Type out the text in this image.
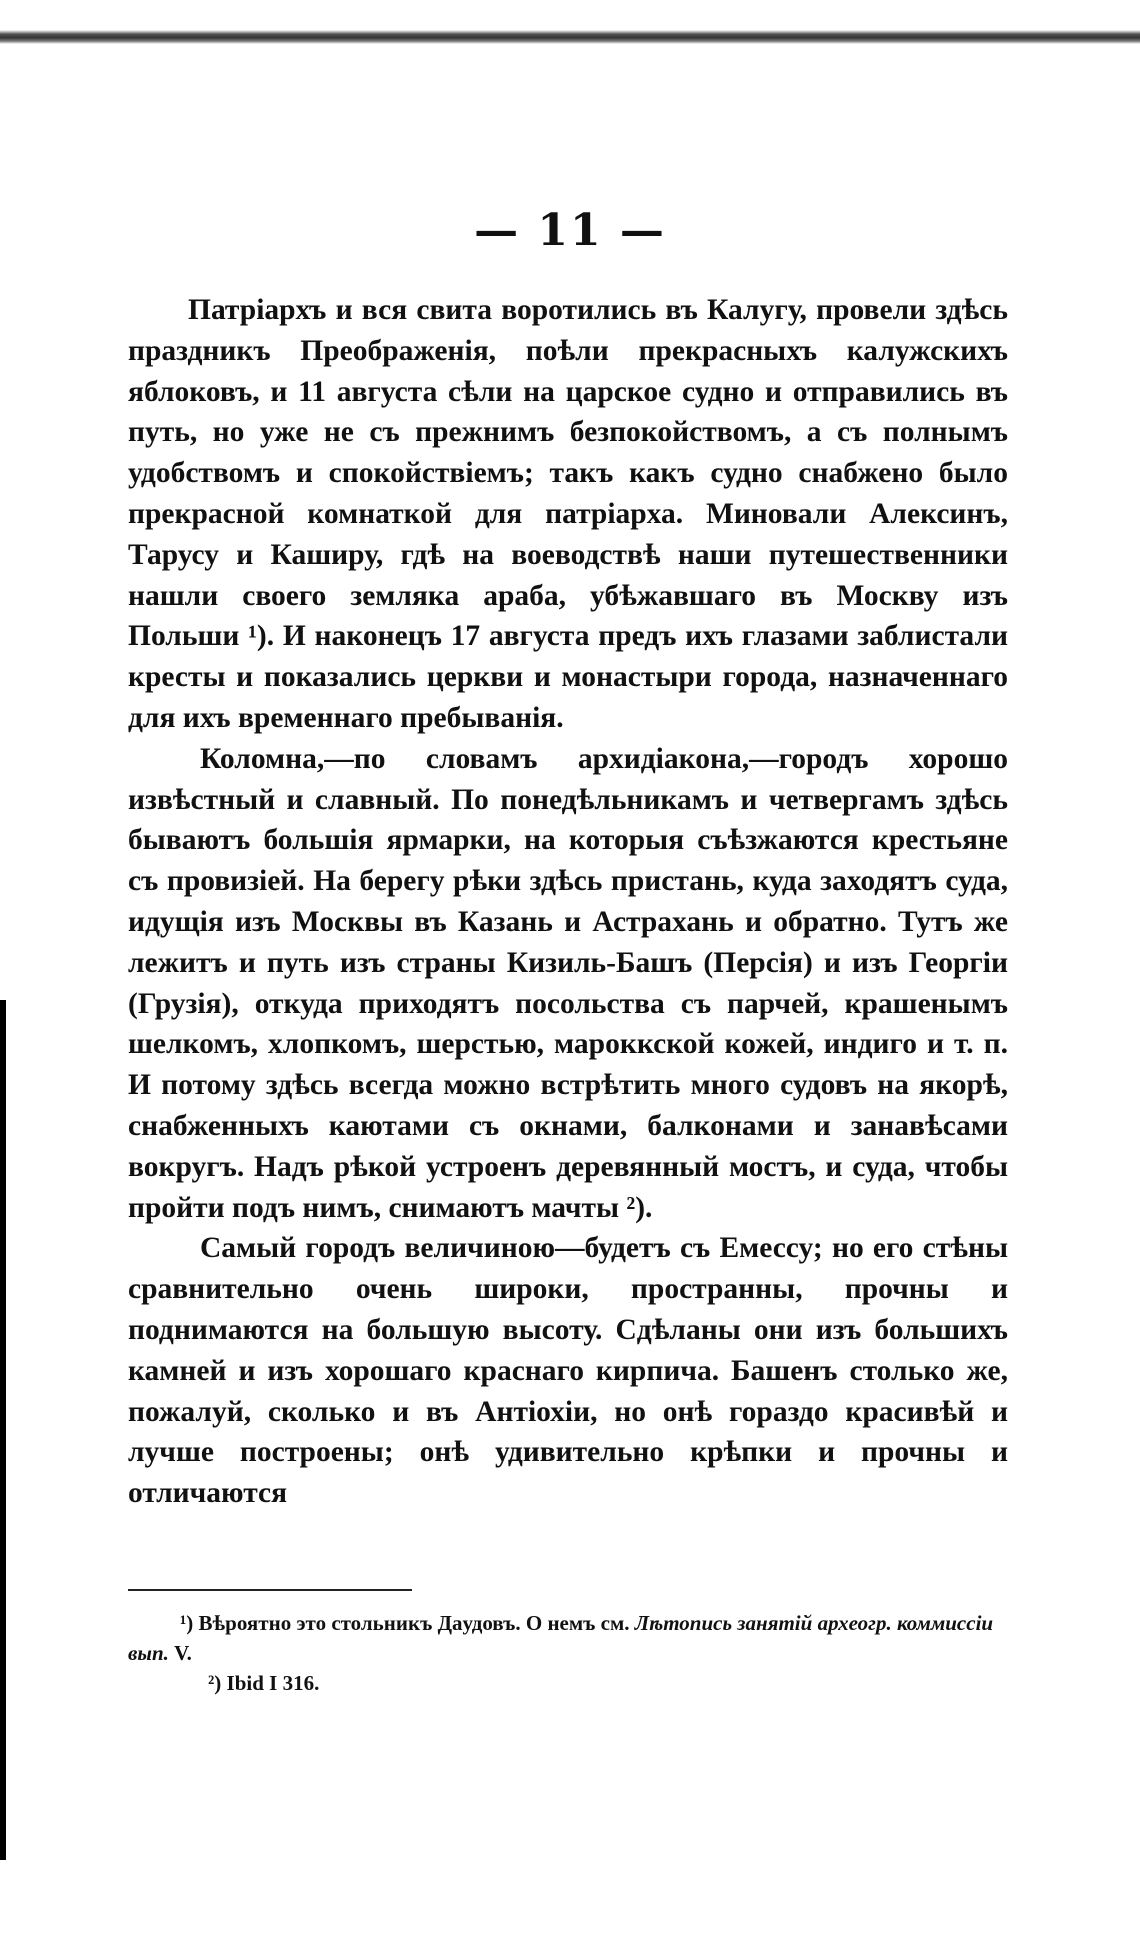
— 11 —

Патріархъ и вся свита воротились въ Калугу, провели здѣсь праздникъ Преображенія, поѣли прекрасныхъ калужскихъ яблоковъ, и 11 августа сѣли на царское судно и отправились въ путь, но уже не съ прежнимъ безпокойствомъ, а съ полнымъ удобствомъ и спокойствіемъ; такъ какъ судно снабжено было прекрасной комнаткой для патріарха. Миновали Алексинъ, Тарусу и Каширу, гдѣ на воеводствѣ наши путешественники нашли своего земляка араба, убѣжавшаго въ Москву изъ Польши ¹). И наконецъ 17 августа предъ ихъ глазами заблистали кресты и показались церкви и монастыри города, назначеннаго для ихъ временнаго пребыванія.

Коломна,—по словамъ архидіакона,—городъ хорошо извѣстный и славный. По понедѣльникамъ и четвергамъ здѣсь бываютъ большія ярмарки, на которыя съѣзжаются крестьяне съ провизіей. На берегу рѣки здѣсь пристань, куда заходятъ суда, идущія изъ Москвы въ Казань и Астрахань и обратно. Тутъ же лежитъ и путь изъ страны Кизиль-Башъ (Персія) и изъ Георгіи (Грузія), откуда приходятъ посольства съ парчей, крашенымъ шелкомъ, хлопкомъ, шерстью, мароккской кожей, индиго и т. п. И потому здѣсь всегда можно встрѣтить много судовъ на якорѣ, снабженныхъ каютами съ окнами, балконами и занавѣсами вокругъ. Надъ рѣкой устроенъ деревянный мостъ, и суда, чтобы пройти подъ нимъ, снимаютъ мачты ²).

Самый городъ величиною—будетъ съ Емессу; но его стѣны сравнительно очень широки, пространны, прочны и поднимаются на большую высоту. Сдѣланы они изъ большихъ камней и изъ хорошаго краснаго кирпича. Башенъ столько же, пожалуй, сколько и въ Антіохіи, но онѣ гораздо красивѣй и лучше построены; онѣ удивительно крѣпки и прочны и отличаются

¹) Вѣроятно это стольникъ Дaудовъ. О немъ см. Лѣтопись занятій археогр. коммиссіи вып. V.

²) Ibid I 316.
